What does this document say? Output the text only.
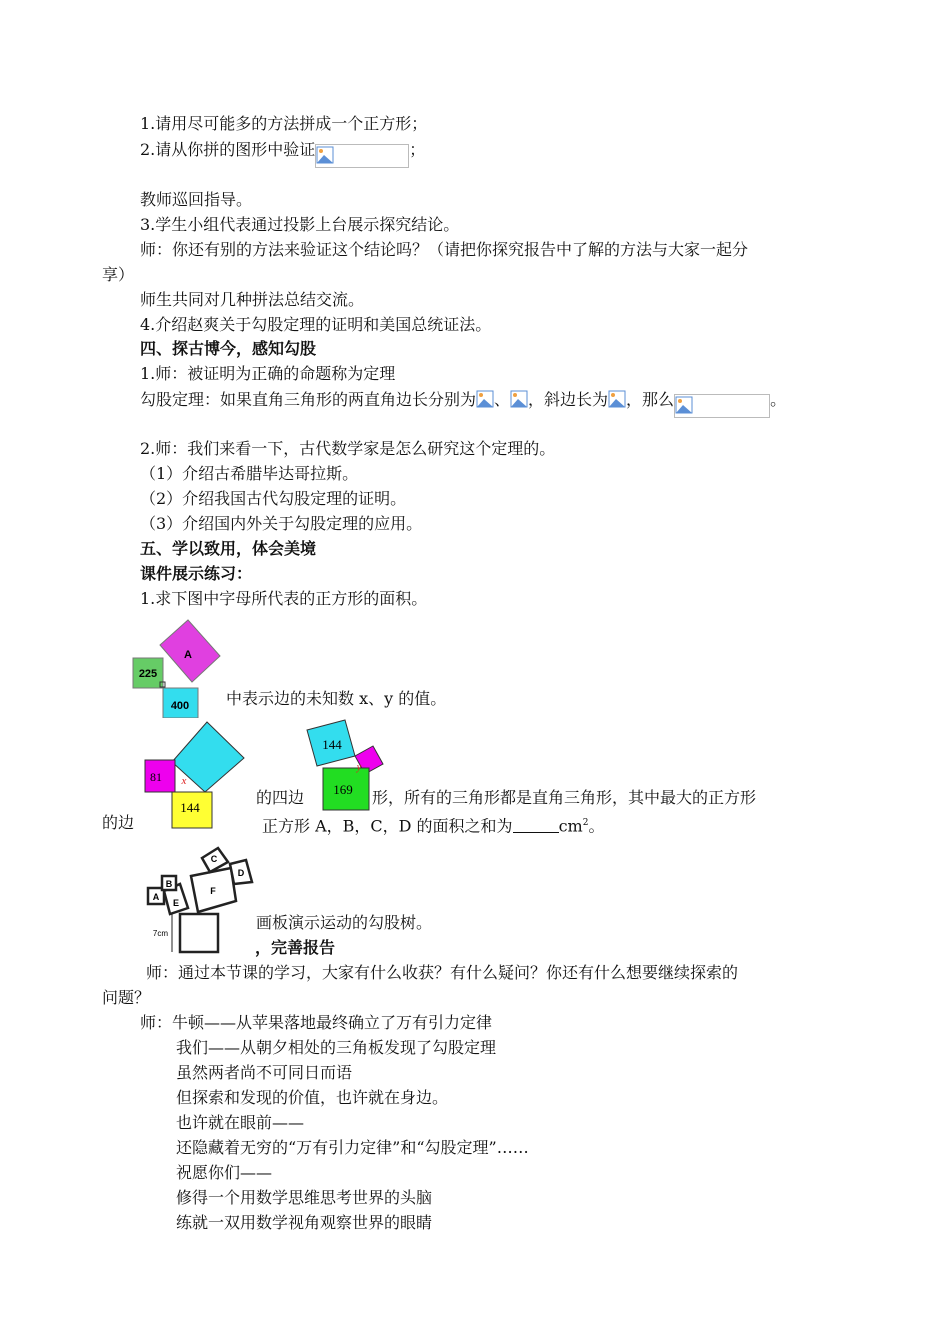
1.请用尽可能多的方法拼成一个正方形；
2.请从你拼的图形中验证	；
教师巡回指导。
3.学生小组代表通过投影上台展示探究结论。
师：你还有别的方法来验证这个结论吗？（请把你探究报告中了解的方法与大家一起分
享）
师生共同对几种拼法总结交流。
4.介绍赵爽关于勾股定理的证明和美国总统证法。
四、探古博今，感知勾股
1.师：被证明为正确的命题称为定理
勾股定理：如果直角三角形的两直角边长分别为 、 ，斜边长为 ，那么	。
2.师：我们来看一下，古代数学家是怎么研究这个定理的。
（1）介绍古希腊毕达哥拉斯。
（2）介绍我国古代勾股定理的证明。
（3）介绍国内外关于勾股定理的应用。
五、学以致用，体会美境
课件展示练习：
1.求下图中字母所代表的正方形的面积。
中表示边的未知数 x、y 的值。
的四边	形，所有的三角形都是直角三角形，其中最大的正方形
的边	正方形 A，B，C，D 的面积之和为	$cm^2$。
画板演示运动的勾股树。
，完善报告
师：通过本节课的学习，大家有什么收获？有什么疑问？你还有什么想要继续探索的
问题？
师：牛顿——从苹果落地最终确立了万有引力定律
我们——从朝夕相处的三角板发现了勾股定理
虽然两者尚不可同日而语
但探索和发现的价值，也许就在身边。
也许就在眼前——
还隐藏着无穷的“万有引力定律”和“勾股定理”……
祝愿你们——
修得一个用数学思维思考世界的头脑
练就一双用数学视角观察世界的眼睛
A
225
400
81 x
144
144
y
169
A
B
C
D
E
F
7cm
